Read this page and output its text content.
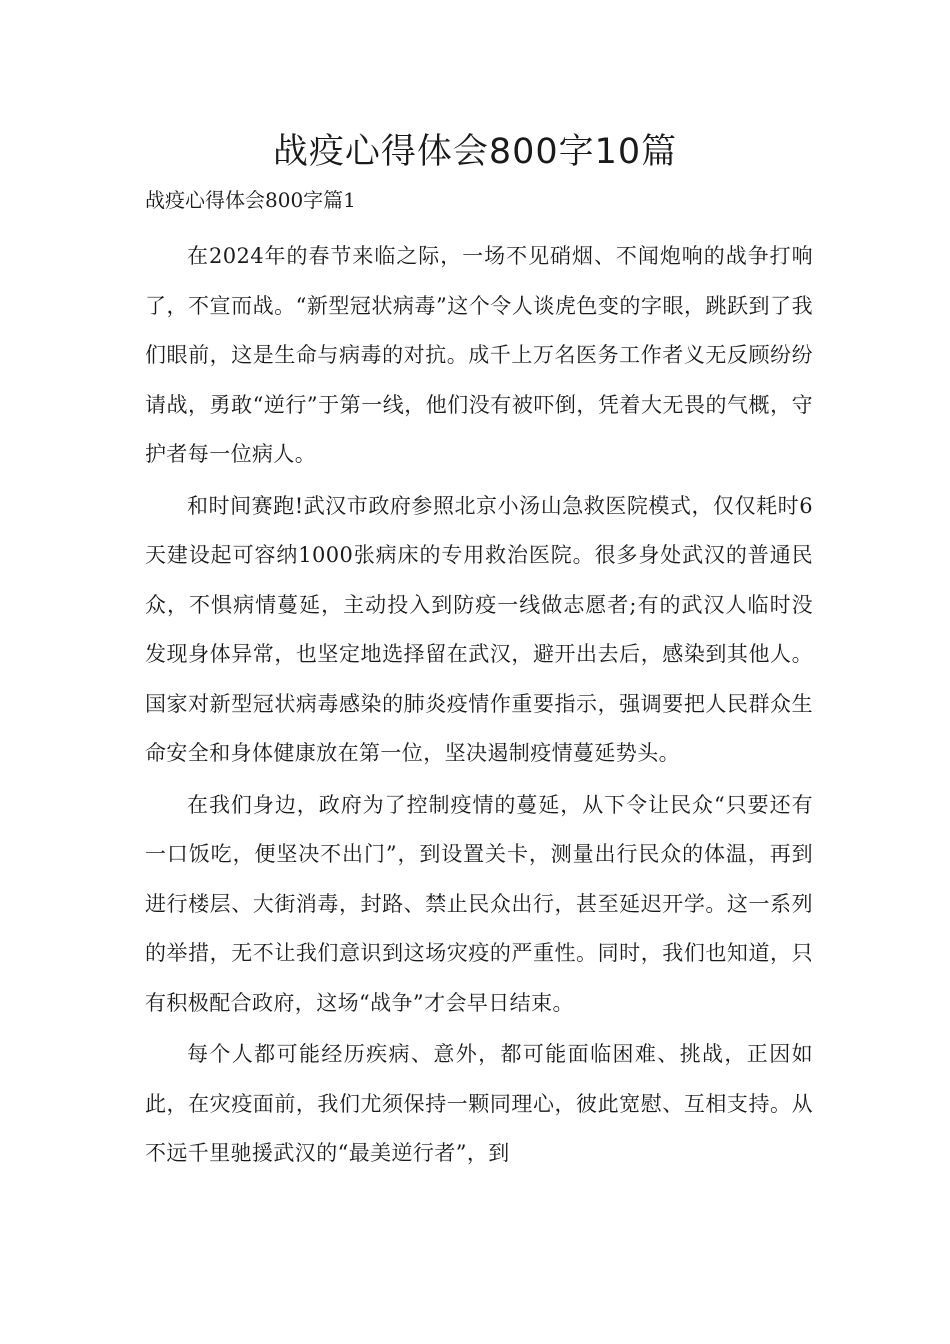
战疫心得体会800字10篇
战疫心得体会800字篇1

在2024年的春节来临之际，一场不见硝烟、不闻炮响的战争打响了，不宣而战。“新型冠状病毒”这个令人谈虎色变的字眼，跳跃到了我们眼前，这是生命与病毒的对抗。成千上万名医务工作者义无反顾纷纷请战，勇敢“逆行”于第一线，他们没有被吓倒，凭着大无畏的气概，守护者每一位病人。

和时间赛跑!武汉市政府参照北京小汤山急救医院模式，仅仅耗时6天建设起可容纳1000张病床的专用救治医院。很多身处武汉的普通民众，不惧病情蔓延，主动投入到防疫一线做志愿者;有的武汉人临时没发现身体异常，也坚定地选择留在武汉，避开出去后，感染到其他人。国家对新型冠状病毒感染的肺炎疫情作重要指示，强调要把人民群众生命安全和身体健康放在第一位，坚决遏制疫情蔓延势头。

在我们身边，政府为了控制疫情的蔓延，从下令让民众“只要还有一口饭吃，便坚决不出门”，到设置关卡，测量出行民众的体温，再到进行楼层、大街消毒，封路、禁止民众出行，甚至延迟开学。这一系列的举措，无不让我们意识到这场灾疫的严重性。同时，我们也知道，只有积极配合政府，这场“战争”才会早日结束。

每个人都可能经历疾病、意外，都可能面临困难、挑战，正因如此，在灾疫面前，我们尤须保持一颗同理心，彼此宽慰、互相支持。从不远千里驰援武汉的“最美逆行者”，到
